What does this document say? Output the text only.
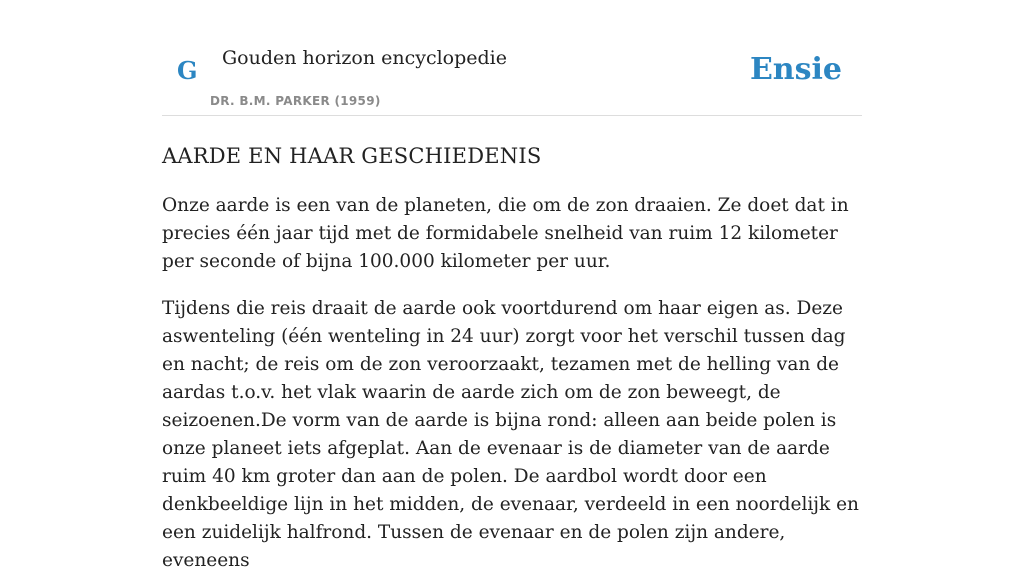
G Gouden horizon encyclopedie
DR. B.M. PARKER (1959)
Ensie
AARDE EN HAAR GESCHIEDENIS

Onze aarde is een van de planeten, die om de zon draaien. Ze doet dat in precies één jaar tijd met de formidabele snelheid van ruim 12 kilometer per seconde of bijna 100.000 kilometer per uur.

Tijdens die reis draait de aarde ook voortdurend om haar eigen as. Deze aswenteling (één wenteling in 24 uur) zorgt voor het verschil tussen dag en nacht; de reis om de zon veroorzaakt, tezamen met de helling van de aardas t.o.v. het vlak waarin de aarde zich om de zon beweegt, de seizoenen.De vorm van de aarde is bijna rond: alleen aan beide polen is onze planeet iets afgeplat. Aan de evenaar is de diameter van de aarde ruim 40 km groter dan aan de polen. De aardbol wordt door een denkbeeldige lijn in het midden, de evenaar, verdeeld in een noordelijk en een zuidelijk halfrond. Tussen de evenaar en de polen zijn andere, eveneens
